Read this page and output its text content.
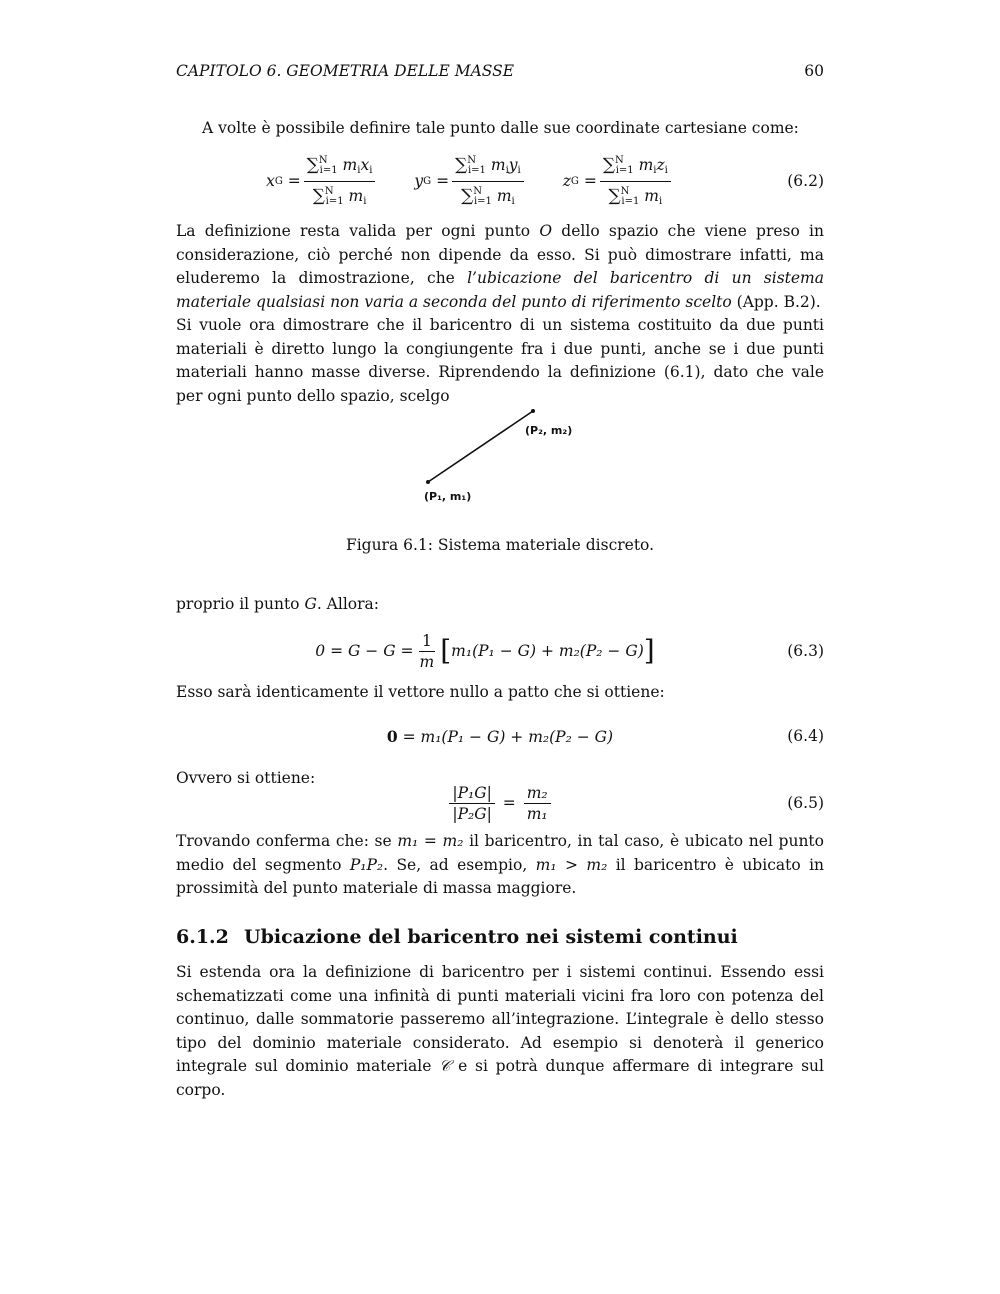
CAPITOLO 6. GEOMETRIA DELLE MASSE	60

A volte è possibile definire tale punto dalle sue coordinate cartesiane come:

x $G = \frac{\sum^N_{i=1} m_ix_i}{\sum^N_{i=1} m_i}$	y $G = \frac{\sum^N_{i=1} m_iy_i}{\sum^N_{i=1} m_i}$	z $G = \frac{\sum^N_{i=1} m_iz_i}{\sum^N_{i=1} m_i}$	(6.2)

La definizione resta valida per ogni punto O dello spazio che viene preso in considerazione, ciò perché non dipende da esso. Si può dimostrare infatti, ma eluderemo la dimostrazione, che l’ubicazione del baricentro di un sistema materiale qualsiasi non varia a seconda del punto di riferimento scelto (App. B.2).

Si vuole ora dimostrare che il baricentro di un sistema costituito da due punti materiali è diretto lungo la congiungente fra i due punti, anche se i due punti materiali hanno masse diverse. Riprendendo la definizione (6.1), dato che vale per ogni punto dello spazio, scelgo

(P₂, m₂)
(P₁, m₁)
Figura 6.1: Sistema materiale discreto.

proprio il punto G. Allora:

$0 = G - G = \frac{1}{m}$ [ m₁(P₁ − G) + m₂(P₂ − G) ]	(6.3)

Esso sarà identicamente il vettore nullo a patto che si ottiene:

0 = m₁(P₁ − G) + m₂(P₂ − G)	(6.4)

Ovvero si ottiene:

$\frac{\text{|P₁G|}}{\text{|P₂G|}} = \frac{\text{m₂}}{\text{m₁}}$	(6.5)

Trovando conferma che: se m₁ = m₂ il baricentro, in tal caso, è ubicato nel punto medio del segmento P₁P₂. Se, ad esempio, m₁ > m₂ il baricentro è ubicato in prossimità del punto materiale di massa maggiore.

6.1.2 Ubicazione del baricentro nei sistemi continui

Si estenda ora la definizione di baricentro per i sistemi continui. Essendo essi schematizzati come una infinità di punti materiali vicini fra loro con potenza del continuo, dalle sommatorie passeremo all’integrazione. L’integrale è dello stesso tipo del dominio materiale considerato. Ad esempio si denoterà il generico integrale sul dominio materiale 𝒞 e si potrà dunque affermare di integrare sul corpo.
